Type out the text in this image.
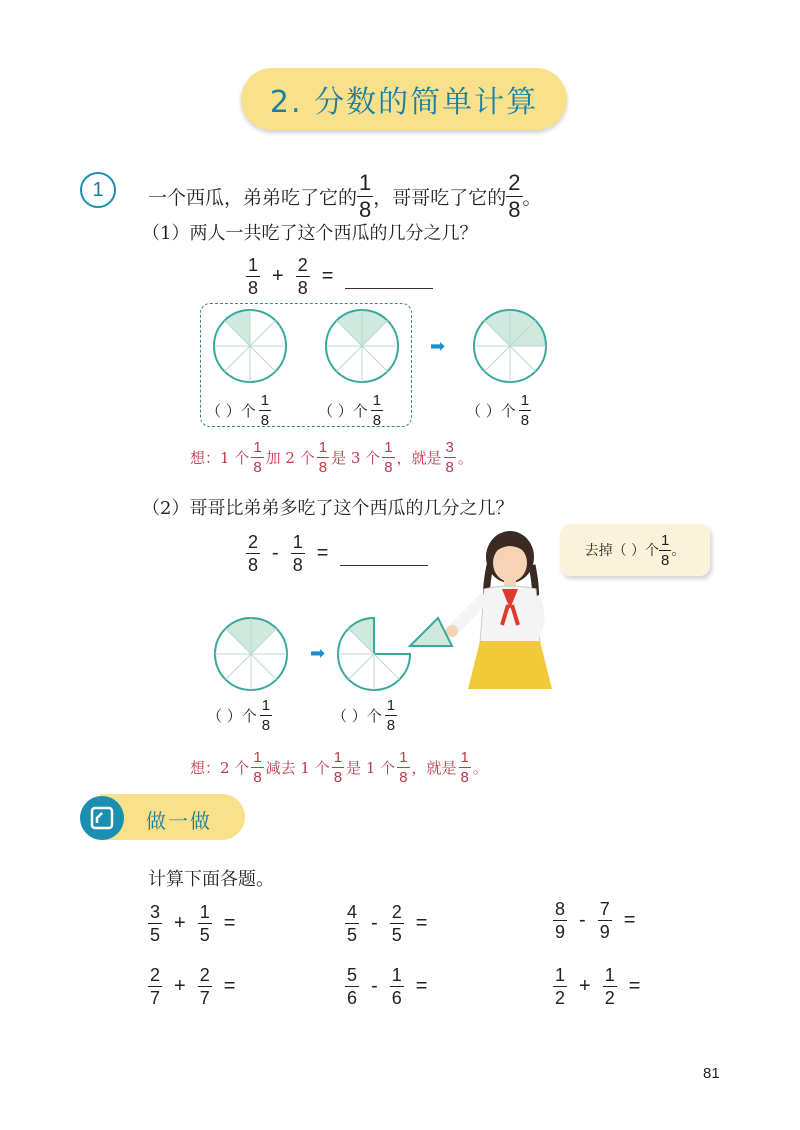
2. 分数的简单计算
1	一个西瓜，弟弟吃了它的 $\frac{1}{8}$ ，哥哥吃了它的 $\frac{2}{8}$ 。
（1）两人一共吃了这个西瓜的几分之几？
$\frac{1}{8} + \frac{2}{8}$ =
➡
（ ）个 $\frac{1}{8}$	（ ）个 $\frac{1}{8}$	（ ）个 $\frac{1}{8}$
想：1 个 $\frac{1}{8}$ 加 2 个 $\frac{1}{8}$ 是 3 个 $\frac{1}{8}$ ，就是 $\frac{3}{8}$ 。
（2）哥哥比弟弟多吃了这个西瓜的几分之几？
$\frac{2}{8} - \frac{1}{8}$ =	去掉（ ）个 $\frac{1}{8}$ 。
➡
（ ）个 $\frac{1}{8}$	（ ）个 $\frac{1}{8}$
想：2 个 $\frac{1}{8}$ 减去 1 个 $\frac{1}{8}$ 是 1 个 $\frac{1}{8}$ ，就是 $\frac{1}{8}$ 。
做一做
计算下面各题。
$\frac{3}{5} + \frac{1}{5}$ =	$\frac{4}{5} - \frac{2}{5}$ =	$\frac{8}{9} - \frac{7}{9}$ =
$\frac{2}{7} + \frac{2}{7}$ =	$\frac{5}{6} - \frac{1}{6}$ =	$\frac{1}{2} + \frac{1}{2}$ =
81
